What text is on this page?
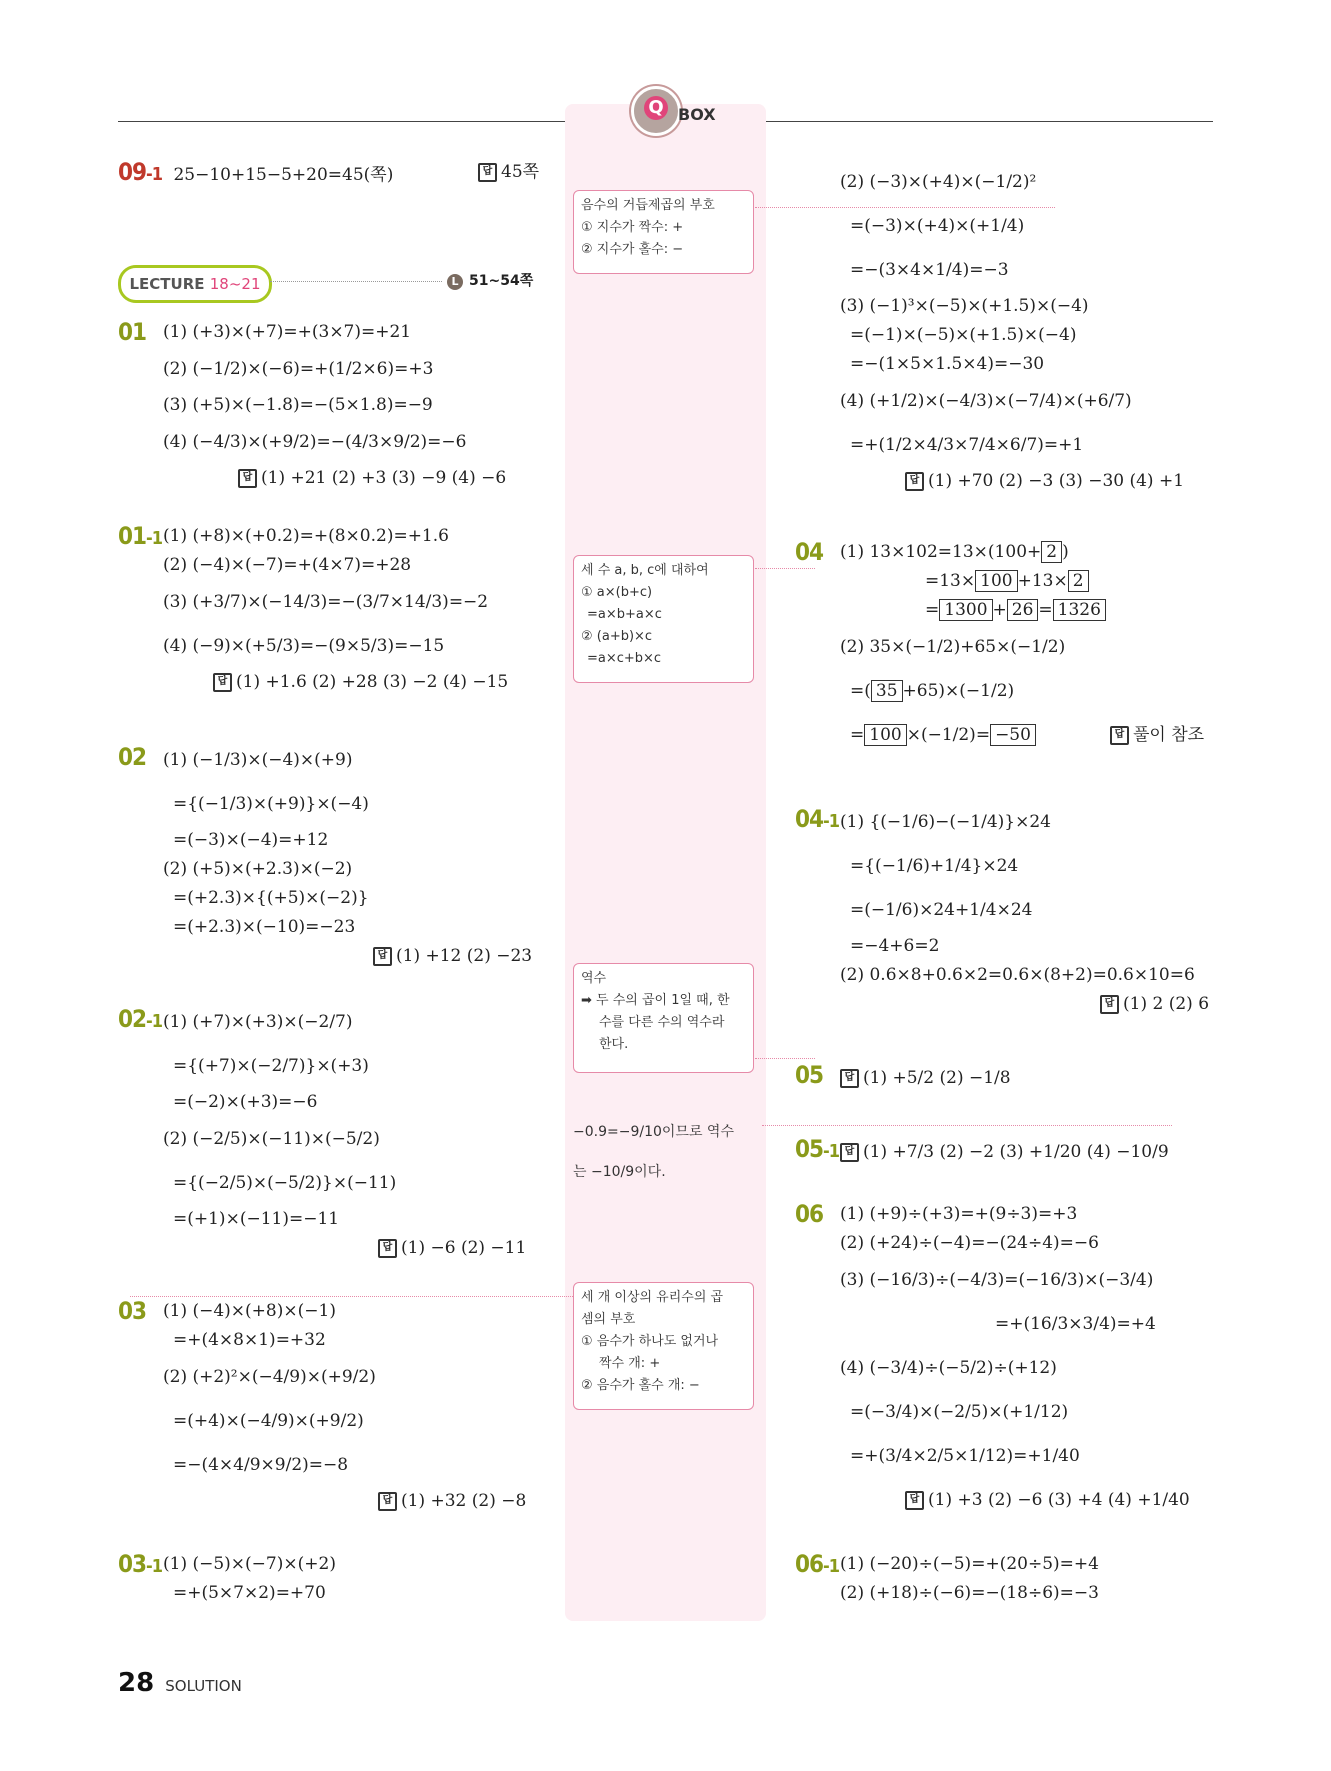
Q BOX
09-1 25−10+15−5+20=45(쪽)	답 45쪽
LECTURE 18~21	L 51~54쪽
01 (1) (+3)×(+7)=+(3×7)=+21
(2) (−1/2)×(−6)=+(1/2×6)=+3
(3) (+5)×(−1.8)=−(5×1.8)=−9
(4) (−4/3)×(+9/2)=−(4/3×9/2)=−6
답 (1) +21 (2) +3 (3) −9 (4) −6
01-1 (1) (+8)×(+0.2)=+(8×0.2)=+1.6
(2) (−4)×(−7)=+(4×7)=+28
(3) (+3/7)×(−14/3)=−(3/7×14/3)=−2
(4) (−9)×(+5/3)=−(9×5/3)=−15
답 (1) +1.6 (2) +28 (3) −2 (4) −15
02 (1) (−1/3)×(−4)×(+9)
={(−1/3)×(+9)}×(−4)
=(−3)×(−4)=+12
(2) (+5)×(+2.3)×(−2)
=(+2.3)×{(+5)×(−2)}
=(+2.3)×(−10)=−23
답 (1) +12 (2) −23
02-1 (1) (+7)×(+3)×(−2/7)
={(+7)×(−2/7)}×(+3)
=(−2)×(+3)=−6
(2) (−2/5)×(−11)×(−5/2)
={(−2/5)×(−5/2)}×(−11)
=(+1)×(−11)=−11
답 (1) −6 (2) −11
03 (1) (−4)×(+8)×(−1)
=+(4×8×1)=+32
(2) (+2)²×(−4/9)×(+9/2)
=(+4)×(−4/9)×(+9/2)
=−(4×4/9×9/2)=−8
답 (1) +32 (2) −8
03-1 (1) (−5)×(−7)×(+2)
=+(5×7×2)=+70
음수의 거듭제곱의 부호
① 지수가 짝수: +
② 지수가 홀수: −
세 수 a, b, c에 대하여
① a×(b+c)
=a×b+a×c
② (a+b)×c
=a×c+b×c
역수
➡ 두 수의 곱이 1일 때, 한
수를 다른 수의 역수라
한다.
−0.9=−9/10이므로 역수
는 −10/9이다.
세 개 이상의 유리수의 곱
셈의 부호
① 음수가 하나도 없거나
짝수 개: +
② 음수가 홀수 개: −
(2) (−3)×(+4)×(−1/2)²
=(−3)×(+4)×(+1/4)
=−(3×4×1/4)=−3
(3) (−1)³×(−5)×(+1.5)×(−4)
=(−1)×(−5)×(+1.5)×(−4)
=−(1×5×1.5×4)=−30
(4) (+1/2)×(−4/3)×(−7/4)×(+6/7)
=+(1/2×4/3×7/4×6/7)=+1
답 (1) +70 (2) −3 (3) −30 (4) +1
04 (1) 13×102=13×(100+ 2 )
=13× 100 +13× 2
= 1300 + 26 = 1326
(2) 35×(−1/2)+65×(−1/2)
=( 35 +65)×(−1/2)
= 100 ×(−1/2)= −50	답 풀이 참조
04-1 (1) {(−1/6)−(−1/4)}×24
={(−1/6)+1/4}×24
=(−1/6)×24+1/4×24
=−4+6=2
(2) 0.6×8+0.6×2=0.6×(8+2)=0.6×10=6
답 (1) 2 (2) 6
05	답 (1) +5/2 (2) −1/8
05-1 답 (1) +7/3 (2) −2 (3) +1/20 (4) −10/9
06 (1) (+9)÷(+3)=+(9÷3)=+3
(2) (+24)÷(−4)=−(24÷4)=−6
(3) (−16/3)÷(−4/3)=(−16/3)×(−3/4)
=+(16/3×3/4)=+4
(4) (−3/4)÷(−5/2)÷(+12)
=(−3/4)×(−2/5)×(+1/12)
=+(3/4×2/5×1/12)=+1/40
답 (1) +3 (2) −6 (3) +4 (4) +1/40
06-1 (1) (−20)÷(−5)=+(20÷5)=+4
(2) (+18)÷(−6)=−(18÷6)=−3
28 SOLUTION
